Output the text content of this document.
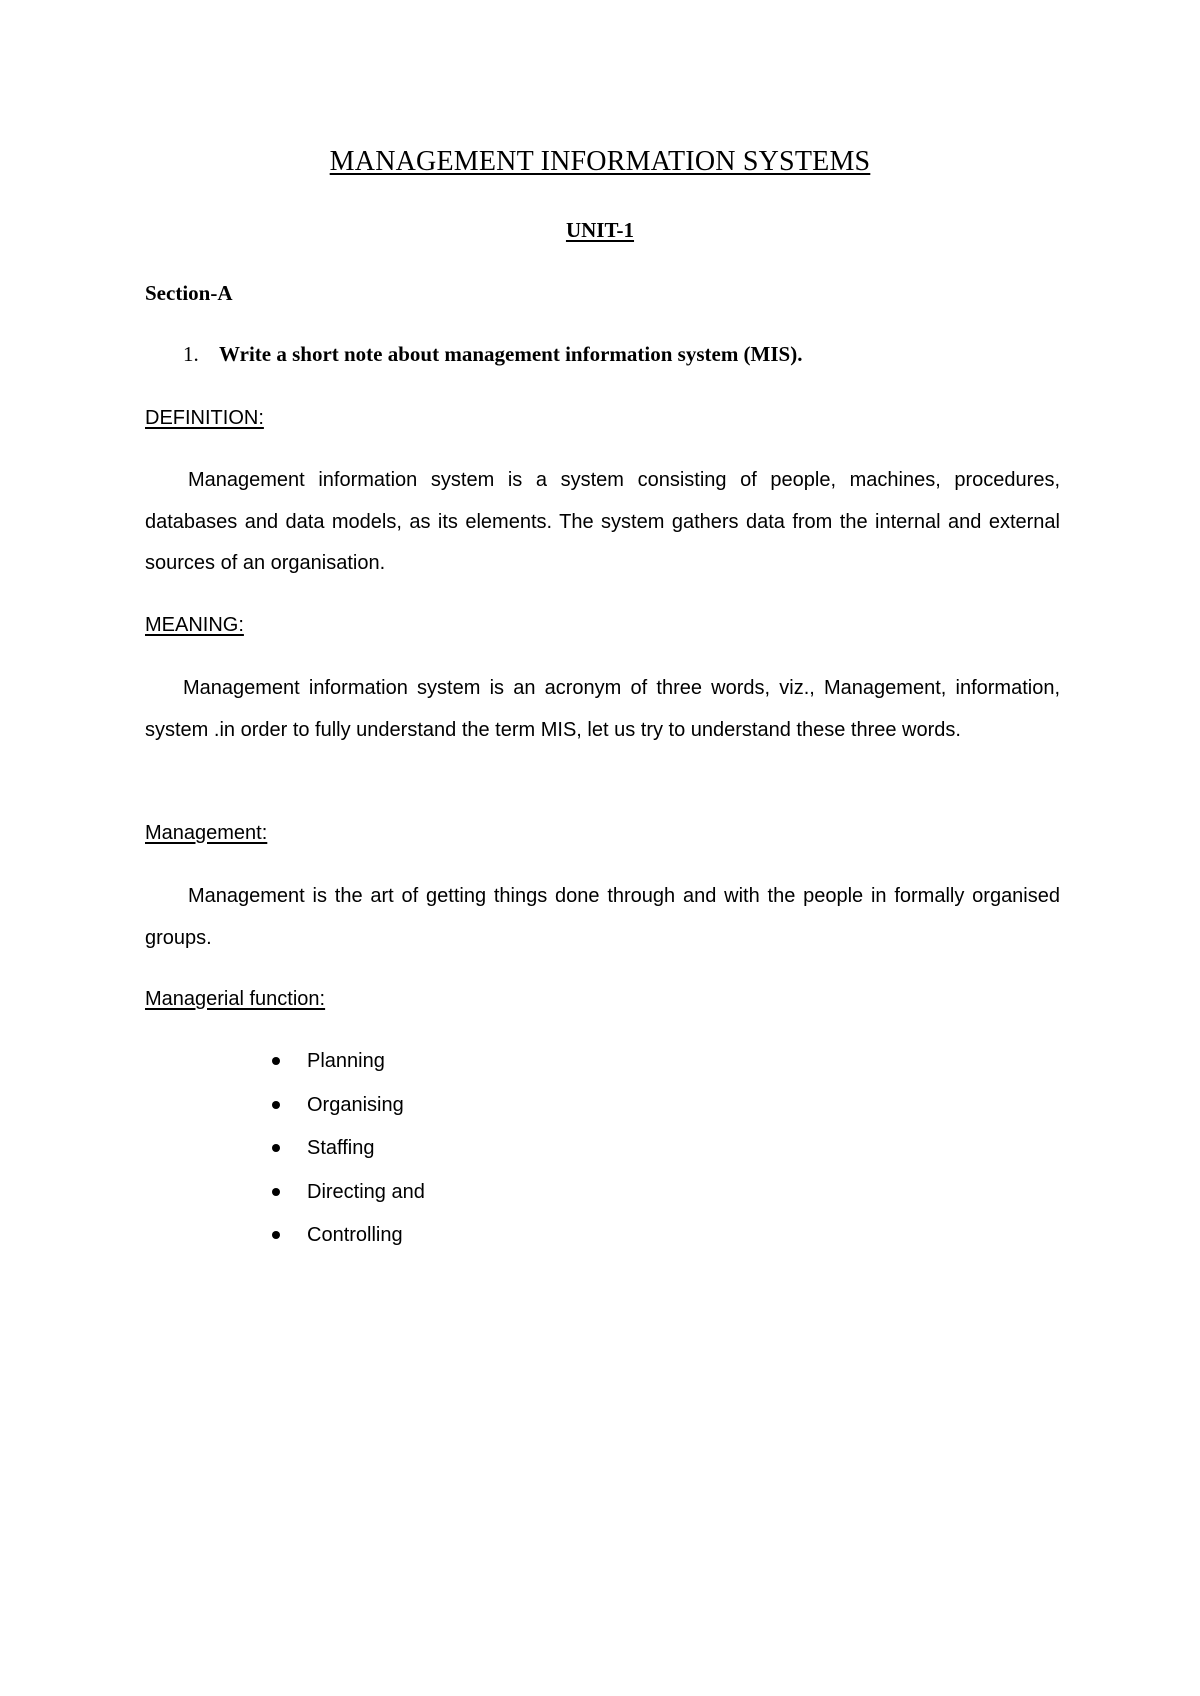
MANAGEMENT INFORMATION SYSTEMS
UNIT-1
Section-A
1. Write a short note about management information system (MIS).
DEFINITION:

Management information system is a system consisting of people, machines, procedures, databases and data models, as its elements. The system gathers data from the internal and external sources of an organisation.

MEANING:

Management information system is an acronym of three words, viz., Management, information, system .in order to fully understand the term MIS, let us try to understand these three words.

Management:

Management is the art of getting things done through and with the people in formally organised groups.

Managerial function:
Planning
Organising
Staffing
Directing and
Controlling
